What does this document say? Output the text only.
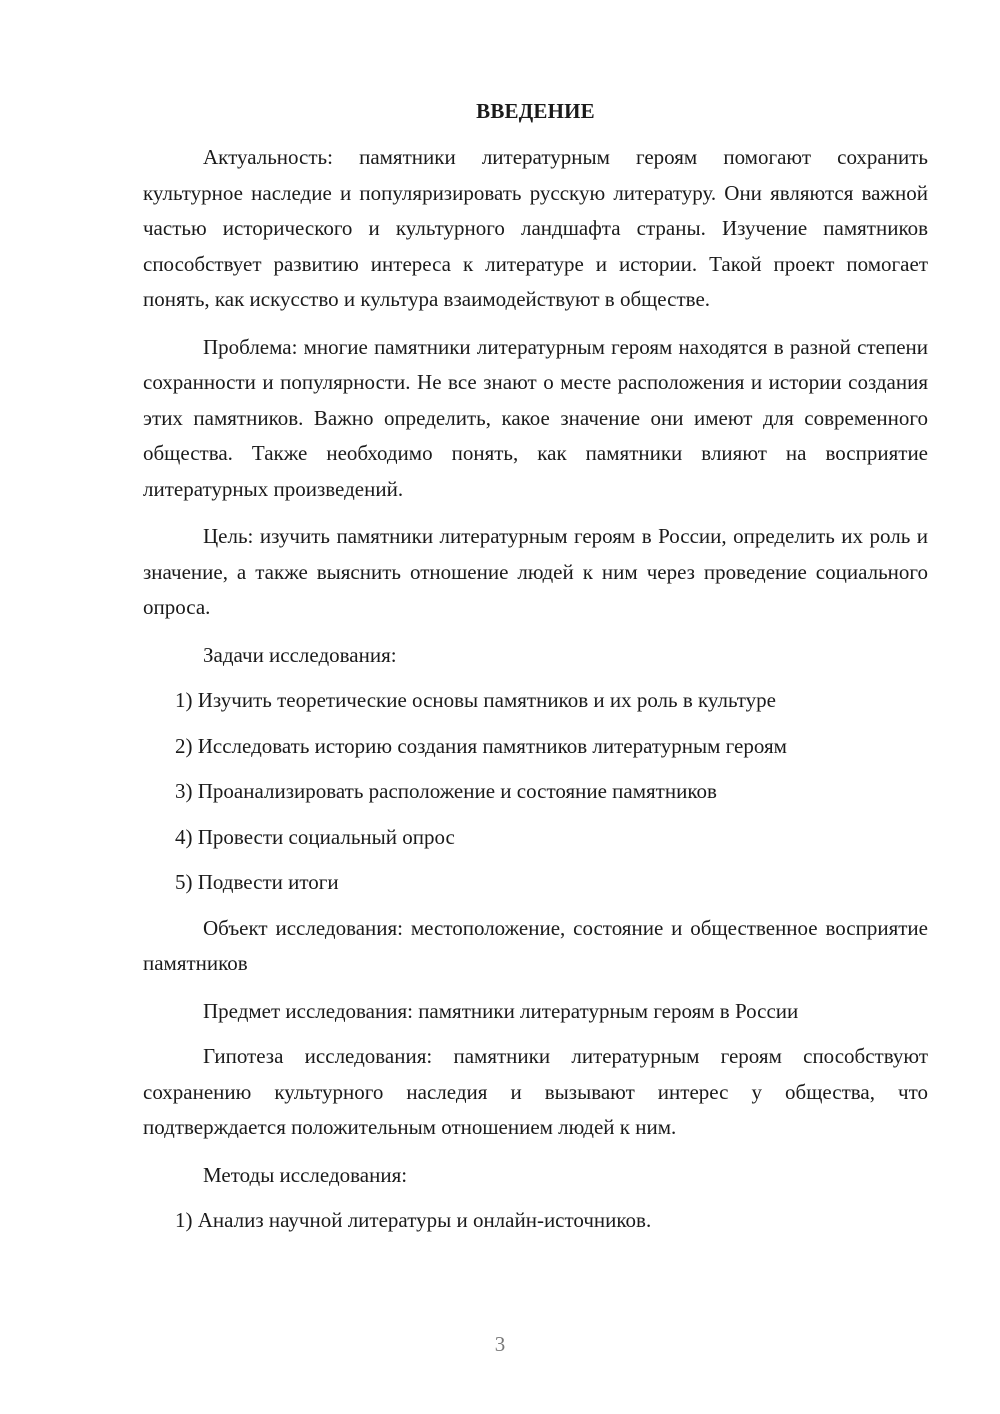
ВВЕДЕНИЕ

Актуальность: памятники литературным героям помогают сохранить культурное наследие и популяризировать русскую литературу. Они являются важной частью исторического и культурного ландшафта страны. Изучение памятников способствует развитию интереса к литературе и истории. Такой проект помогает понять, как искусство и культура взаимодействуют в обществе.

Проблема: многие памятники литературным героям находятся в разной степени сохранности и популярности. Не все знают о месте расположения и истории создания этих памятников. Важно определить, какое значение они имеют для современного общества. Также необходимо понять, как памятники влияют на восприятие литературных произведений.

Цель: изучить памятники литературным героям в России, определить их роль и значение, а также выяснить отношение людей к ним через проведение социального опроса.

Задачи исследования:

1) Изучить теоретические основы памятников и их роль в культуре
2) Исследовать историю создания памятников литературным героям
3) Проанализировать расположение и состояние памятников
4) Провести социальный опрос
5) Подвести итоги

Объект исследования: местоположение, состояние и общественное восприятие памятников

Предмет исследования: памятники литературным героям в России

Гипотеза исследования: памятники литературным героям способствуют сохранению культурного наследия и вызывают интерес у общества, что подтверждается положительным отношением людей к ним.

Методы исследования:

1) Анализ научной литературы и онлайн-источников.
3
